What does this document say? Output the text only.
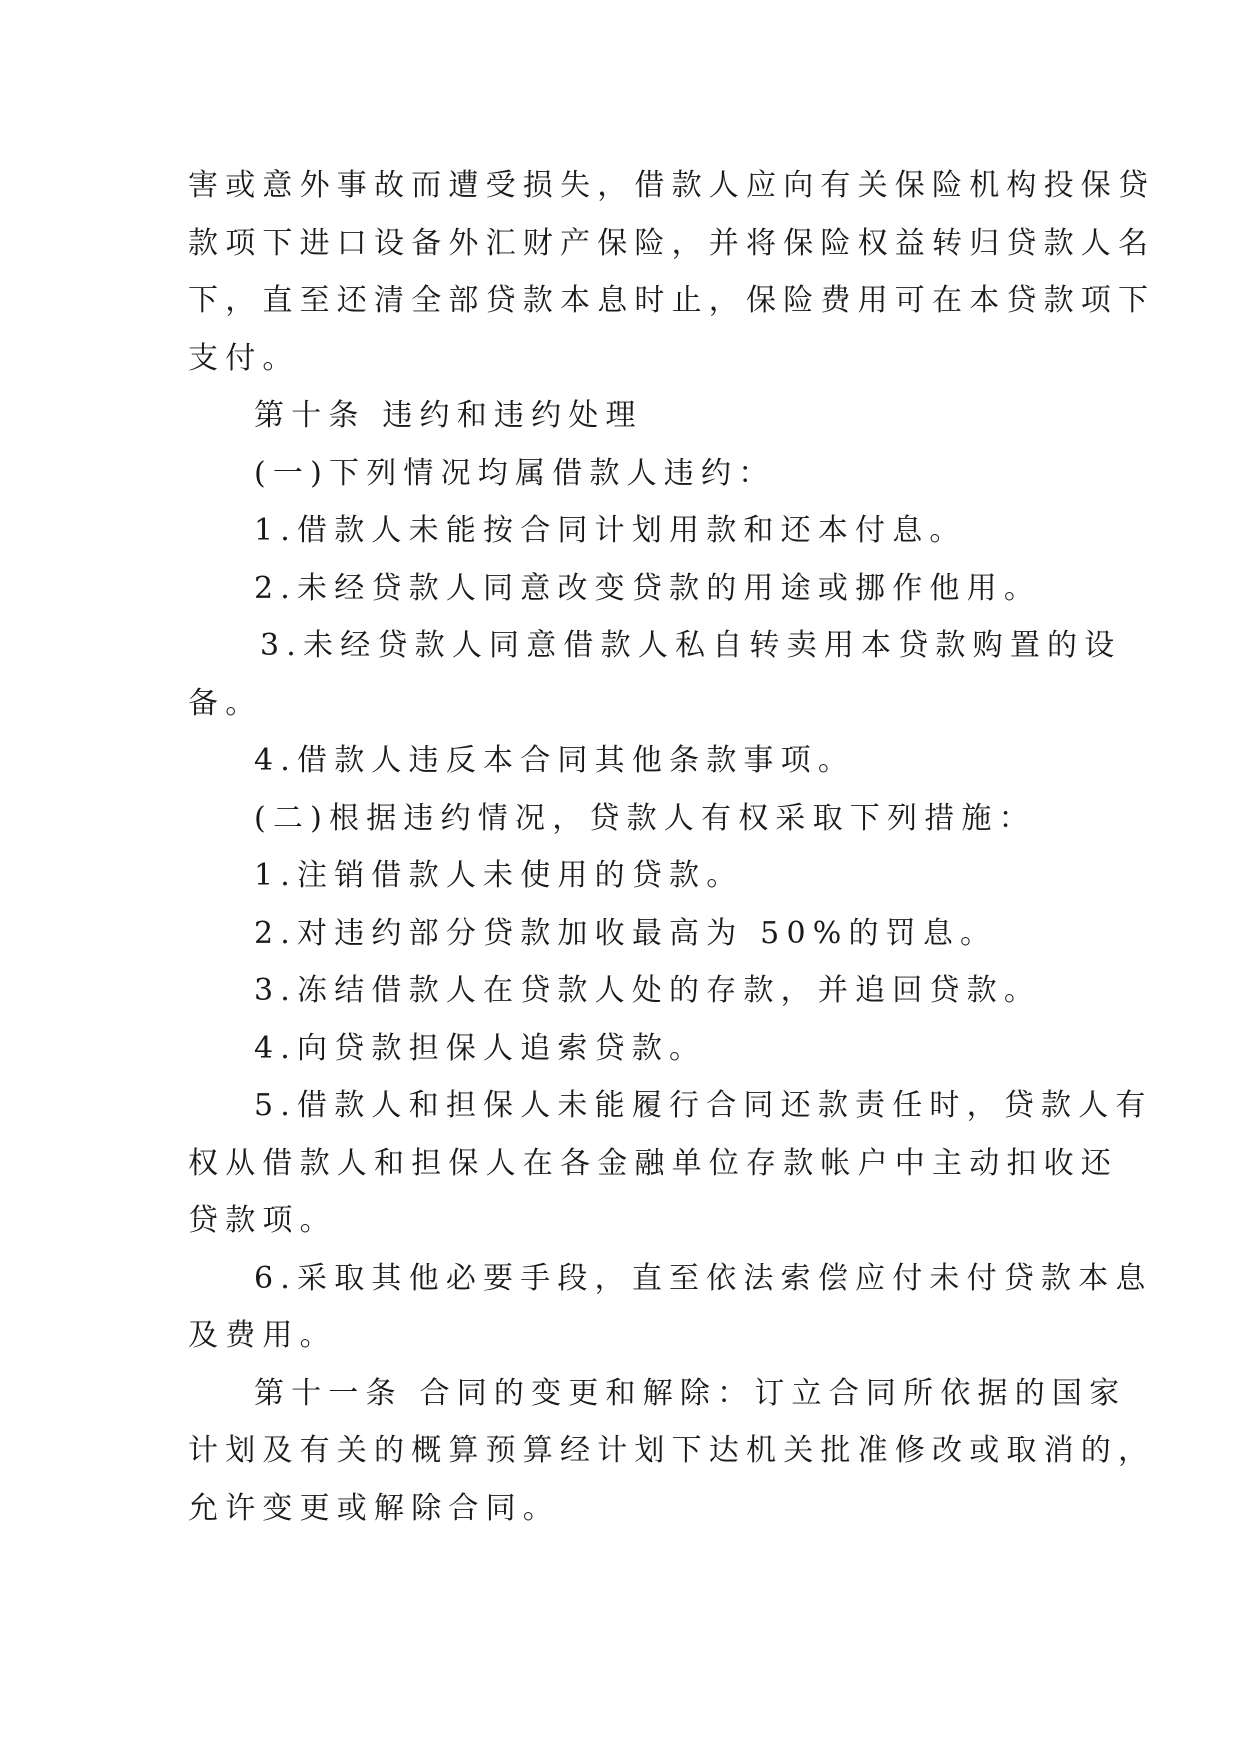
害或意外事故而遭受损失，借款人应向有关保险机构投保贷
款项下进口设备外汇财产保险，并将保险权益转归贷款人名
下，直至还清全部贷款本息时止，保险费用可在本贷款项下
支付。
第十条 违约和违约处理
(一)下列情况均属借款人违约：
1.借款人未能按合同计划用款和还本付息。
2.未经贷款人同意改变贷款的用途或挪作他用。
3.未经贷款人同意借款人私自转卖用本贷款购置的设
备。
4.借款人违反本合同其他条款事项。
(二)根据违约情况，贷款人有权采取下列措施：
1.注销借款人未使用的贷款。
2.对违约部分贷款加收最高为 50%的罚息。
3.冻结借款人在贷款人处的存款，并追回贷款。
4.向贷款担保人追索贷款。
5.借款人和担保人未能履行合同还款责任时，贷款人有
权从借款人和担保人在各金融单位存款帐户中主动扣收还
贷款项。
6.采取其他必要手段，直至依法索偿应付未付贷款本息
及费用。
第十一条 合同的变更和解除：订立合同所依据的国家
计划及有关的概算预算经计划下达机关批准修改或取消的，
允许变更或解除合同。
